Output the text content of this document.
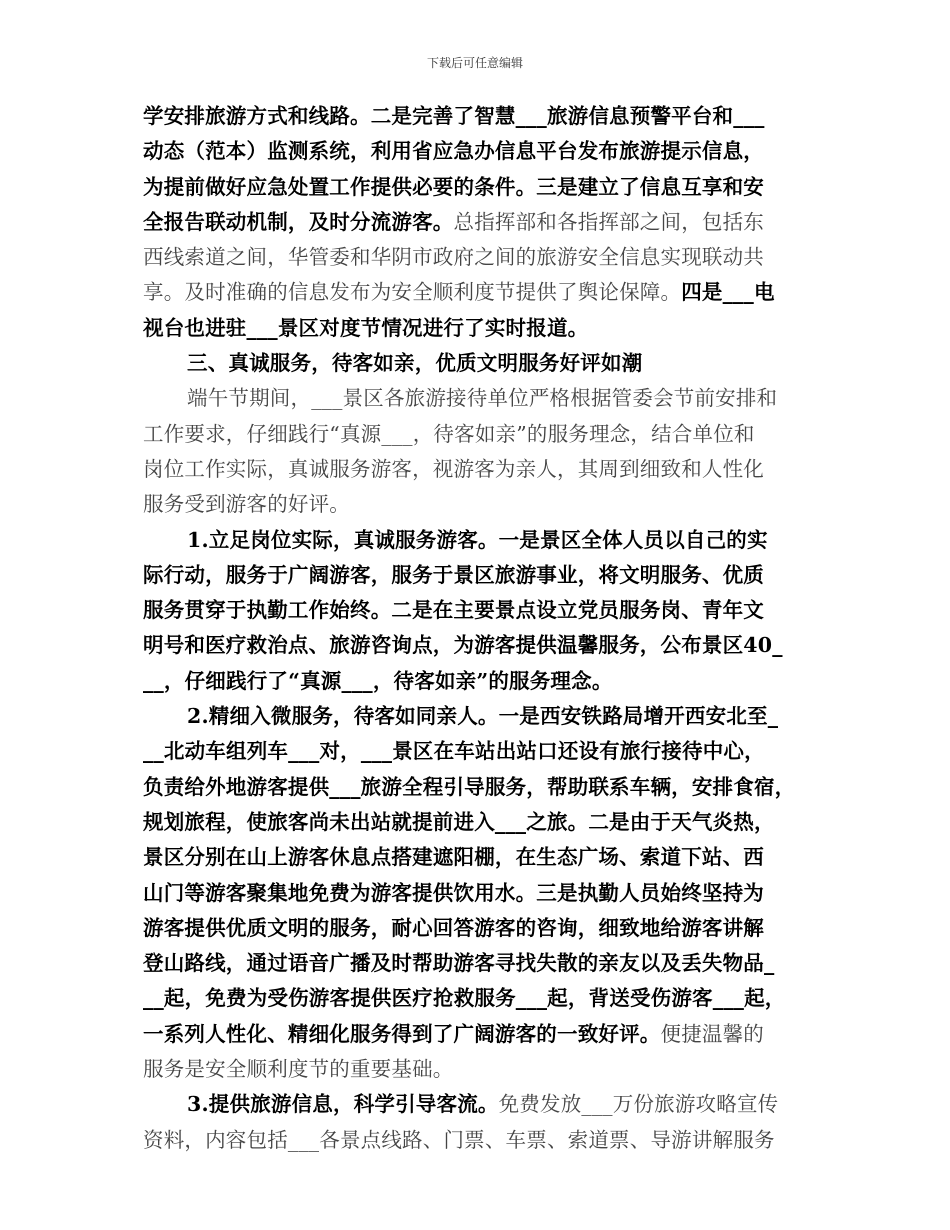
下载后可任意编辑
学安排旅游方式和线路。二是完善了智慧___旅游信息预警平台和___
动态（范本）监测系统，利用省应急办信息平台发布旅游提示信息，
为提前做好应急处置工作提供必要的条件。三是建立了信息互享和安
全报告联动机制，及时分流游客。总指挥部和各指挥部之间，包括东
西线索道之间，华管委和华阴市政府之间的旅游安全信息实现联动共
享。及时准确的信息发布为安全顺利度节提供了舆论保障。四是___电
视台也进驻___景区对度节情况进行了实时报道。
三、真诚服务，待客如亲，优质文明服务好评如潮
端午节期间，___景区各旅游接待单位严格根据管委会节前安排和
工作要求，仔细践行“真源___，待客如亲”的服务理念，结合单位和
岗位工作实际，真诚服务游客，视游客为亲人，其周到细致和人性化
服务受到游客的好评。
1.立足岗位实际，真诚服务游客。一是景区全体人员以自己的实
际行动，服务于广阔游客，服务于景区旅游事业，将文明服务、优质
服务贯穿于执勤工作始终。二是在主要景点设立党员服务岗、青年文
明号和医疗救治点、旅游咨询点，为游客提供温馨服务，公布景区40_
__，仔细践行了“真源___，待客如亲”的服务理念。
2.精细入微服务，待客如同亲人。一是西安铁路局增开西安北至_
__北动车组列车___对，___景区在车站出站口还设有旅行接待中心，
负责给外地游客提供___旅游全程引导服务，帮助联系车辆，安排食宿，
规划旅程，使旅客尚未出站就提前进入___之旅。二是由于天气炎热，
景区分别在山上游客休息点搭建遮阳棚，在生态广场、索道下站、西
山门等游客聚集地免费为游客提供饮用水。三是执勤人员始终坚持为
游客提供优质文明的服务，耐心回答游客的咨询，细致地给游客讲解
登山路线，通过语音广播及时帮助游客寻找失散的亲友以及丢失物品_
__起，免费为受伤游客提供医疗抢救服务___起，背送受伤游客___起，
一系列人性化、精细化服务得到了广阔游客的一致好评。便捷温馨的
服务是安全顺利度节的重要基础。
3.提供旅游信息，科学引导客流。免费发放___万份旅游攻略宣传
资料，内容包括___各景点线路、门票、车票、索道票、导游讲解服务
